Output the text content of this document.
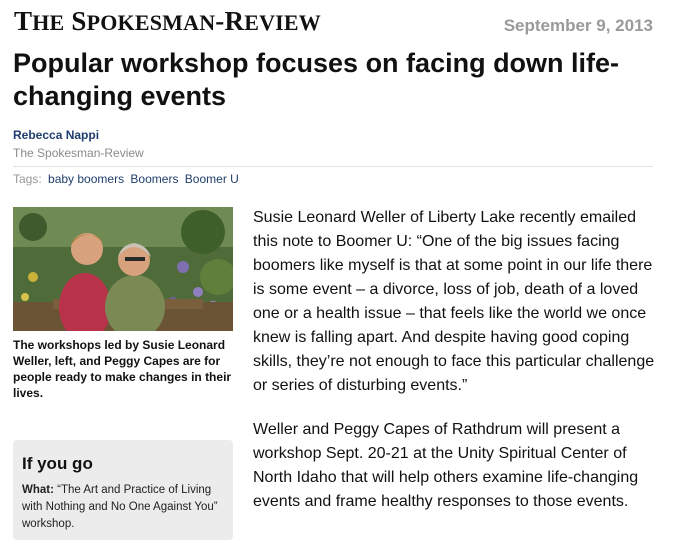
THE SPOKESMAN-REVIEW	September 9, 2013
Popular workshop focuses on facing down life-changing events
Rebecca Nappi
The Spokesman-Review
Tags: baby boomers Boomers Boomer U
The workshops led by Susie Leonard Weller, left, and Peggy Capes are for people ready to make changes in their lives.

Susie Leonard Weller of Liberty Lake recently emailed this note to Boomer U: “One of the big issues facing boomers like myself is that at some point in our life there is some event – a divorce, loss of job, death of a loved one or a health issue – that feels like the world we once knew is falling apart. And despite having good coping skills, they’re not enough to face this particular challenge or series of disturbing events.”

Weller and Peggy Capes of Rathdrum will present a workshop Sept. 20-21 at the Unity Spiritual Center of North Idaho that will help others examine life-changing events and frame healthy responses to those events.

If you go
What: “The Art and Practice of Living with Nothing and No One Against You” workshop.
